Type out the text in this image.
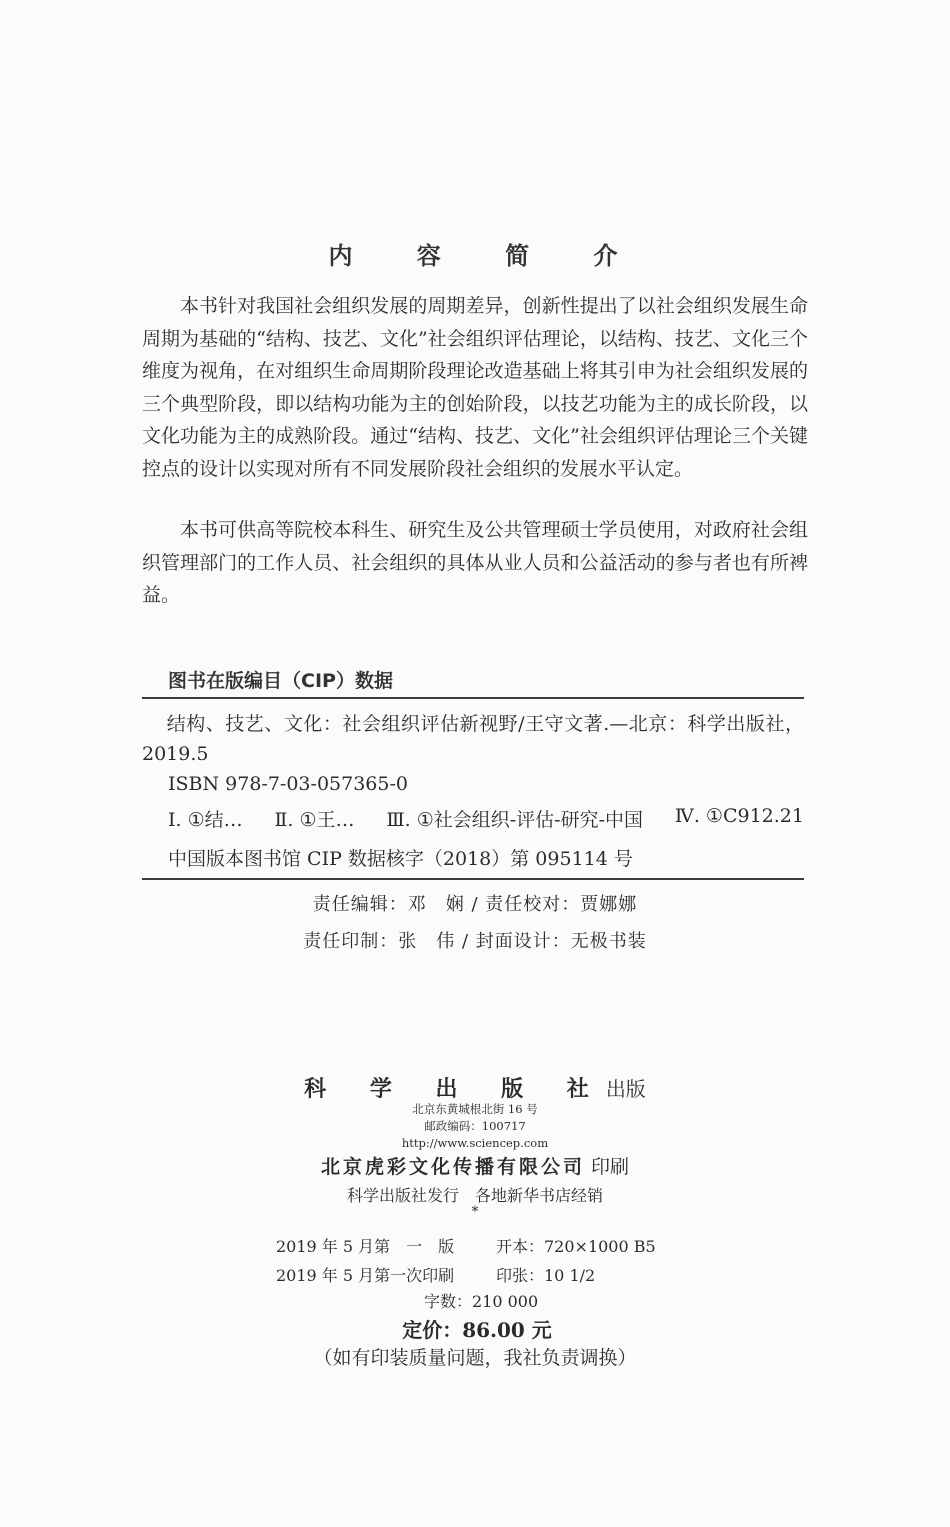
内 容 简 介

本书针对我国社会组织发展的周期差异，创新性提出了以社会组织发展生命周期为基础的“结构、技艺、文化”社会组织评估理论，以结构、技艺、文化三个维度为视角，在对组织生命周期阶段理论改造基础上将其引申为社会组织发展的三个典型阶段，即以结构功能为主的创始阶段，以技艺功能为主的成长阶段，以文化功能为主的成熟阶段。通过“结构、技艺、文化”社会组织评估理论三个关键控点的设计以实现对所有不同发展阶段社会组织的发展水平认定。

本书可供高等院校本科生、研究生及公共管理硕士学员使用，对政府社会组织管理部门的工作人员、社会组织的具体从业人员和公益活动的参与者也有所裨益。

图书在版编目（CIP）数据
结构、技艺、文化：社会组织评估新视野/王守文著.—北京：科学出版社，2019.5
ISBN 978-7-03-057365-0
Ⅰ. ①结… Ⅱ. ①王… Ⅲ. ①社会组织-评估-研究-中国 Ⅳ. ①C912.21
中国版本图书馆 CIP 数据核字（2018）第 095114 号
责任编辑：邓　娴 / 责任校对：贾娜娜
责任印制：张　伟 / 封面设计：无极书装
科 学 出 版 社 出版
北京东黄城根北街 16 号
邮政编码：100717
http://www.sciencep.com
北京虎彩文化传播有限公司 印刷
科学出版社发行　各地新华书店经销
*
2019 年 5 月第　一　版	开本：720×1000 B5
2019 年 5 月第一次印刷	印张：10 1/2
字数：210 000
定价：86.00 元
（如有印装质量问题，我社负责调换）
